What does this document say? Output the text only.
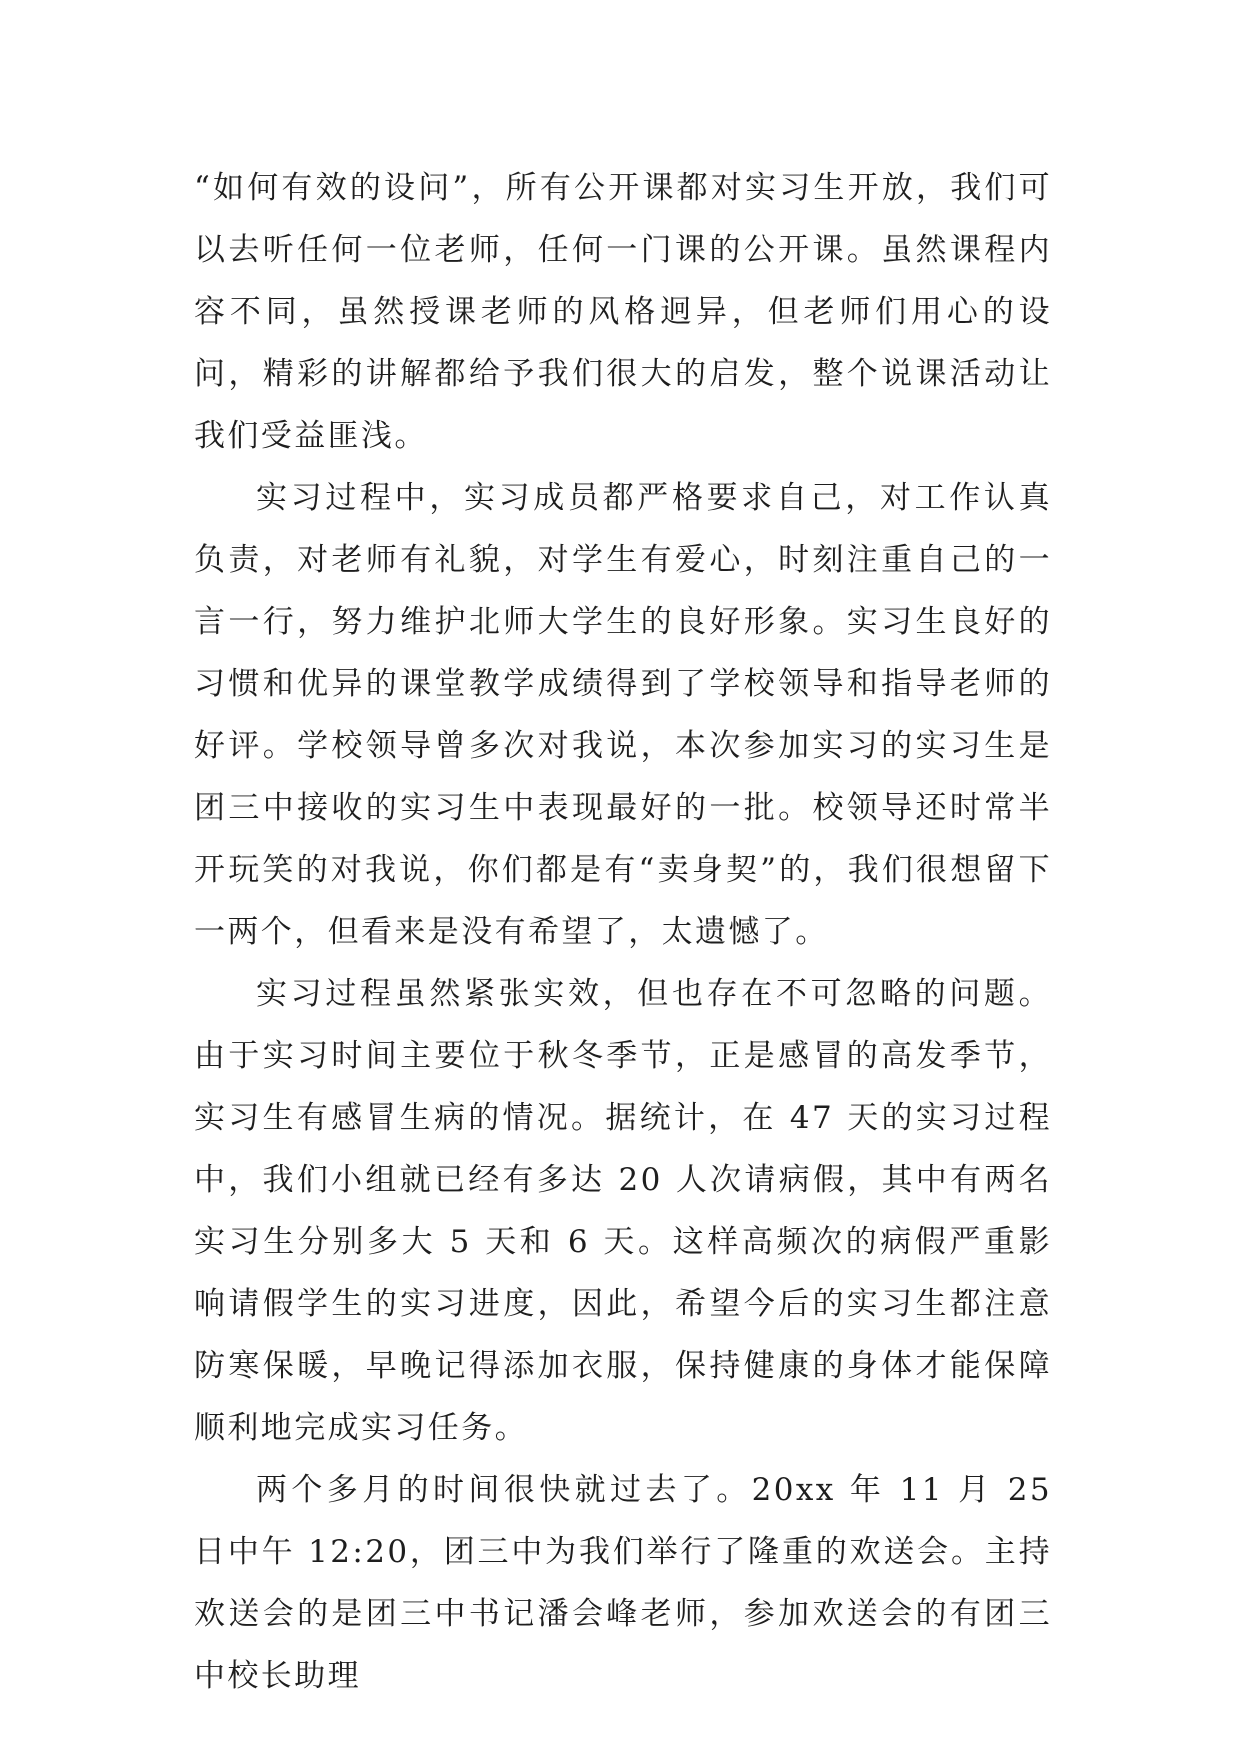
“如何有效的设问”，所有公开课都对实习生开放，我们可以去听任何一位老师，任何一门课的公开课。虽然课程内容不同，虽然授课老师的风格迥异，但老师们用心的设问，精彩的讲解都给予我们很大的启发，整个说课活动让我们受益匪浅。

实习过程中，实习成员都严格要求自己，对工作认真负责，对老师有礼貌，对学生有爱心，时刻注重自己的一言一行，努力维护北师大学生的良好形象。实习生良好的习惯和优异的课堂教学成绩得到了学校领导和指导老师的好评。学校领导曾多次对我说，本次参加实习的实习生是团三中接收的实习生中表现最好的一批。校领导还时常半开玩笑的对我说，你们都是有“卖身契”的，我们很想留下一两个，但看来是没有希望了，太遗憾了。

实习过程虽然紧张实效，但也存在不可忽略的问题。由于实习时间主要位于秋冬季节，正是感冒的高发季节，实习生有感冒生病的情况。据统计，在 47 天的实习过程中，我们小组就已经有多达 20 人次请病假，其中有两名实习生分别多大 5 天和 6 天。这样高频次的病假严重影响请假学生的实习进度，因此，希望今后的实习生都注意防寒保暖，早晚记得添加衣服，保持健康的身体才能保障顺利地完成实习任务。

两个多月的时间很快就过去了。20xx 年 11 月 25 日中午 12:20，团三中为我们举行了隆重的欢送会。主持欢送会的是团三中书记潘会峰老师，参加欢送会的有团三中校长助理
